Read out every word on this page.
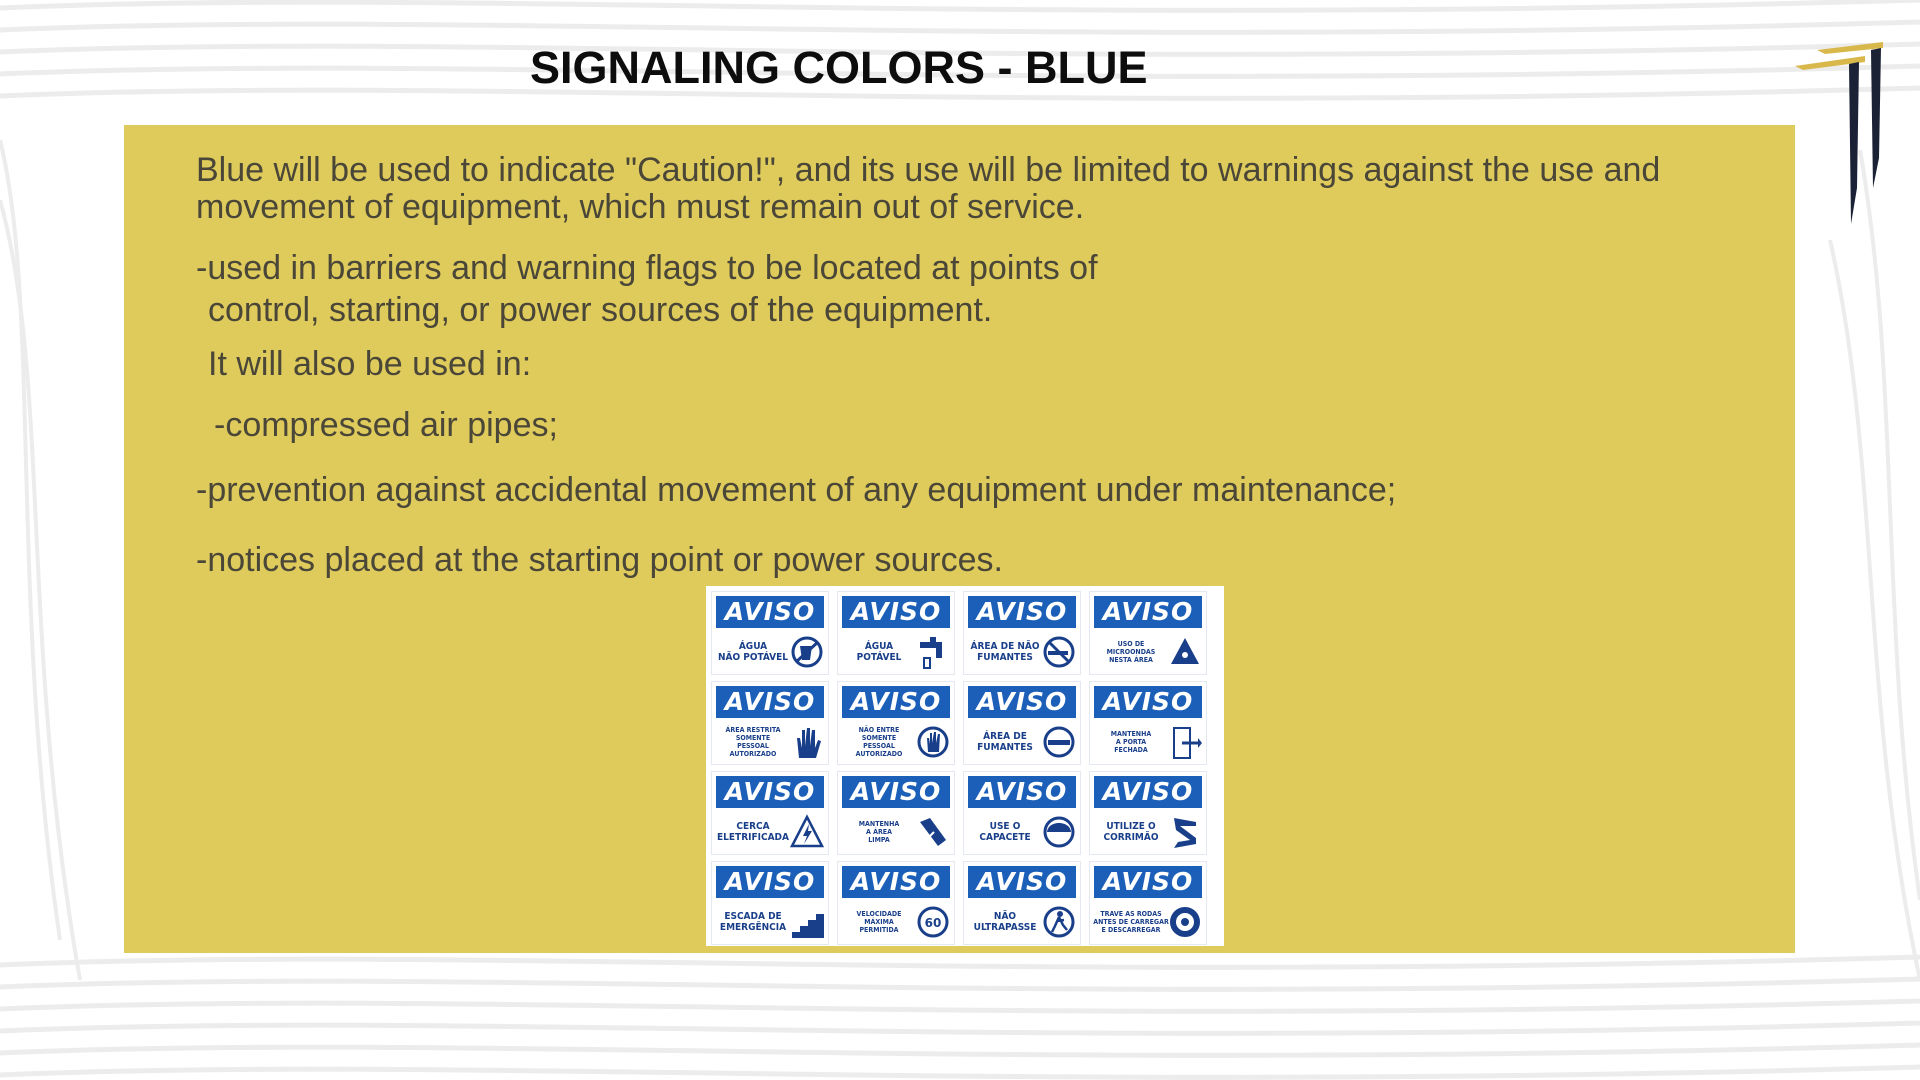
SIGNALING COLORS - BLUE
Blue will be used to indicate "Caution!", and its use will be limited to warnings against the use and
movement of equipment, which must remain out of service.
-used in barriers and warning flags to be located at points of
control, starting, or power sources of the equipment.
It will also be used in:
-compressed air pipes;
-prevention against accidental movement of any equipment under maintenance;
-notices placed at the starting point or power sources.
AVISO
ÁGUA
NÃO POTÁVEL
AVISO
ÁGUA
POTÁVEL
AVISO
ÁREA DE NÃO
FUMANTES
AVISO
USO DE
MICROONDAS
NESTA ÁREA
AVISO
ÁREA RESTRITA
SOMENTE
PESSOAL
AUTORIZADO
AVISO
NÃO ENTRE
SOMENTE
PESSOAL
AUTORIZADO
AVISO
ÁREA DE
FUMANTES
AVISO
MANTENHA
A PORTA
FECHADA
AVISO
CERCA
ELETRIFICADA
AVISO
MANTENHA
A ÁREA
LIMPA
AVISO
USE O
CAPACETE
AVISO
UTILIZE O
CORRIMÃO
AVISO
ESCADA DE
EMERGÊNCIA
AVISO
VELOCIDADE
MÁXIMA
PERMITIDA	60
AVISO
NÃO
ULTRAPASSE
AVISO
TRAVE AS RODAS
ANTES DE CARREGAR
E DESCARREGAR
